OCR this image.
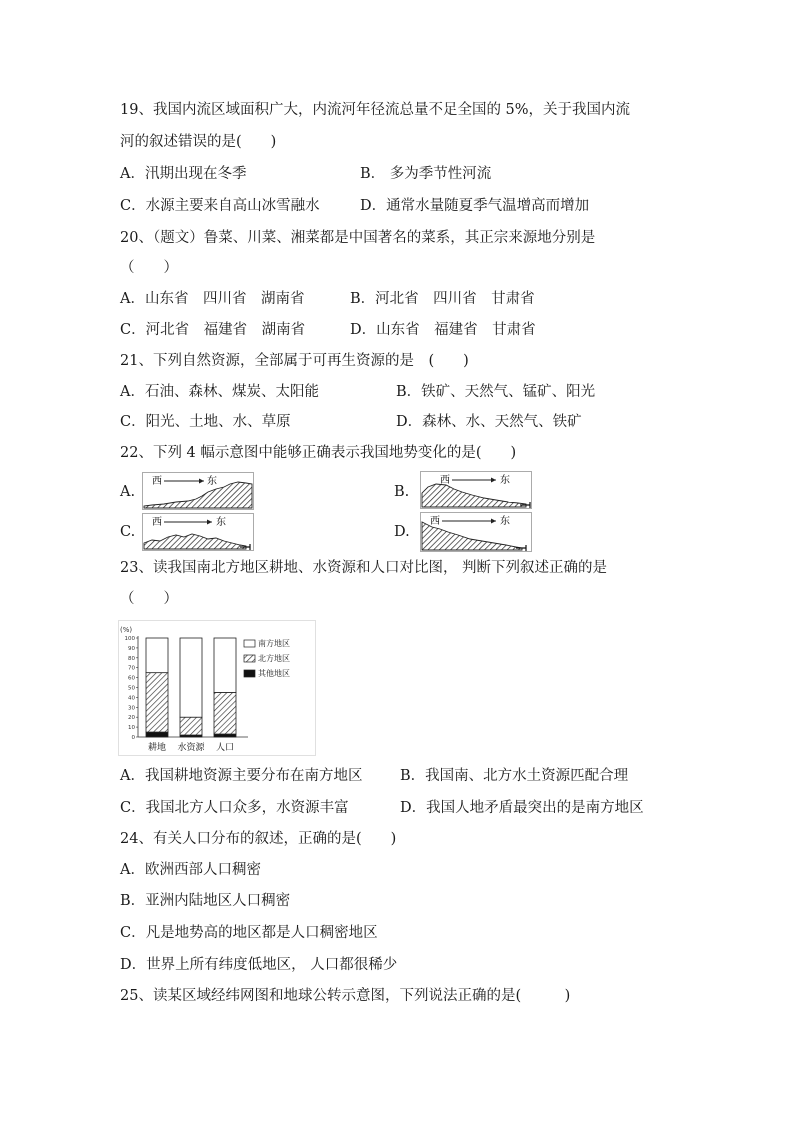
19、我国内流区域面积广大，内流河年径流总量不足全国的 5%，关于我国内流
河的叙述错误的是(　　)
A．汛期出现在冬季	B． 多为季节性河流
C．水源主要来自高山冰雪融水	D．通常水量随夏季气温增高而增加
20、（题文）鲁菜、川菜、湘菜都是中国著名的菜系，其正宗来源地分别是
（　　）
A．山东省　四川省　湖南省	B．河北省　四川省　甘肃省
C．河北省　福建省　湖南省	D．山东省　福建省　甘肃省
21、下列自然资源，全部属于可再生资源的是　(　　)
A．石油、森林、煤炭、太阳能	B．铁矿、天然气、锰矿、阳光
C．阳光、土地、水、草原	D．森林、水、天然气、铁矿
22、下列 4 幅示意图中能够正确表示我国地势变化的是(　　)
A.
西	东
B.
西	东
C.
西	东
D.
西	东
23、读我国南北方地区耕地、水资源和人口对比图， 判断下列叙述正确的是
（　　）
(%)
100
90
80
70
60
50
40
30
20
10
0
耕地 水资源 人口
南方地区
北方地区
其他地区
A．我国耕地资源主要分布在南方地区	B．我国南、北方水土资源匹配合理
C．我国北方人口众多，水资源丰富	D．我国人地矛盾最突出的是南方地区
24、有关人口分布的叙述，正确的是(　　)
A．欧洲西部人口稠密
B．亚洲内陆地区人口稠密
C．凡是地势高的地区都是人口稠密地区
D．世界上所有纬度低地区， 人口都很稀少
25、读某区域经纬网图和地球公转示意图，下列说法正确的是(　　　)
